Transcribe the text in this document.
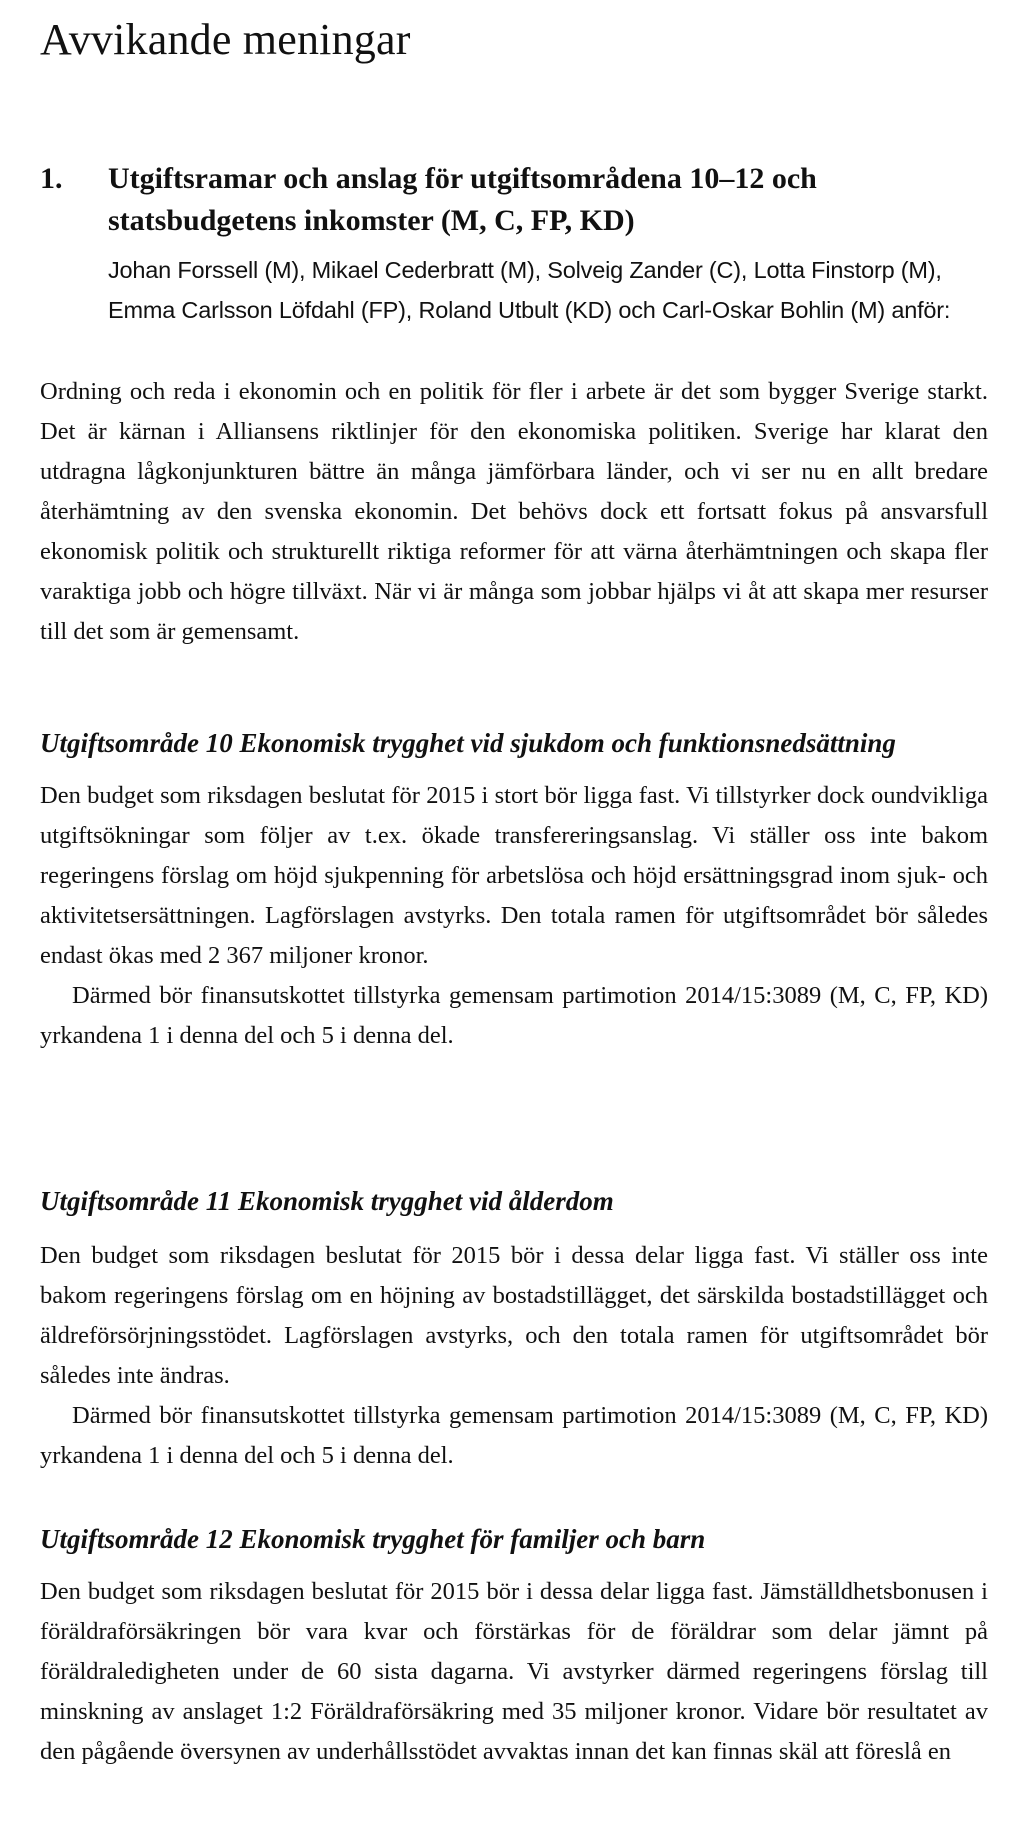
Avvikande meningar
1. Utgiftsramar och anslag för utgiftsområdena 10–12 och statsbudgetens inkomster (M, C, FP, KD)

Johan Forssell (M), Mikael Cederbratt (M), Solveig Zander (C), Lotta Finstorp (M), Emma Carlsson Löfdahl (FP), Roland Utbult (KD) och Carl-Oskar Bohlin (M) anför:

Ordning och reda i ekonomin och en politik för fler i arbete är det som bygger Sverige starkt. Det är kärnan i Alliansens riktlinjer för den ekonomiska politiken. Sverige har klarat den utdragna lågkonjunkturen bättre än många jämförbara länder, och vi ser nu en allt bredare återhämtning av den svenska ekonomin. Det behövs dock ett fortsatt fokus på ansvarsfull ekonomisk politik och strukturellt riktiga reformer för att värna återhämtningen och skapa fler varaktiga jobb och högre tillväxt. När vi är många som jobbar hjälps vi åt att skapa mer resurser till det som är gemensamt.

Utgiftsområde 10 Ekonomisk trygghet vid sjukdom och funktionsnedsättning

Den budget som riksdagen beslutat för 2015 i stort bör ligga fast. Vi tillstyrker dock oundvikliga utgiftsökningar som följer av t.ex. ökade transfereringsanslag. Vi ställer oss inte bakom regeringens förslag om höjd sjukpenning för arbetslösa och höjd ersättningsgrad inom sjuk- och aktivitetsersättningen. Lagförslagen avstyrks. Den totala ramen för utgiftsområdet bör således endast ökas med 2 367 miljoner kronor.

Därmed bör finansutskottet tillstyrka gemensam partimotion 2014/15:3089 (M, C, FP, KD) yrkandena 1 i denna del och 5 i denna del.

Utgiftsområde 11 Ekonomisk trygghet vid ålderdom

Den budget som riksdagen beslutat för 2015 bör i dessa delar ligga fast. Vi ställer oss inte bakom regeringens förslag om en höjning av bostadstillägget, det särskilda bostadstillägget och äldreförsörjningsstödet. Lagförslagen avstyrks, och den totala ramen för utgiftsområdet bör således inte ändras.

Därmed bör finansutskottet tillstyrka gemensam partimotion 2014/15:3089 (M, C, FP, KD) yrkandena 1 i denna del och 5 i denna del.

Utgiftsområde 12 Ekonomisk trygghet för familjer och barn

Den budget som riksdagen beslutat för 2015 bör i dessa delar ligga fast. Jämställdhetsbonusen i föräldraförsäkringen bör vara kvar och förstärkas för de föräldrar som delar jämnt på föräldraledigheten under de 60 sista dagarna. Vi avstyrker därmed regeringens förslag till minskning av anslaget 1:2 Föräldraförsäkring med 35 miljoner kronor. Vidare bör resultatet av den pågående översynen av underhållsstödet avvaktas innan det kan finnas skäl att föreslå en
